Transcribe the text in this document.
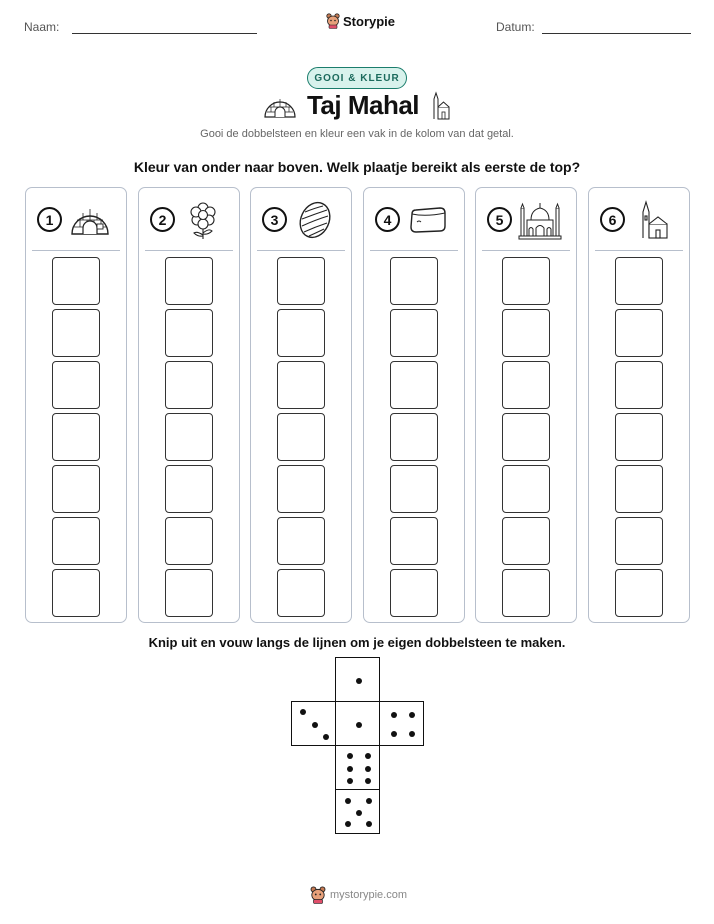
Naam:	Storypie	Datum:
GOOI & KLEUR
Taj Mahal
Gooi de dobbelsteen en kleur een vak in de kolom van dat getal.
Kleur van onder naar boven. Welk plaatje bereikt als eerste de top?
1	2	3	4	5	6
Knip uit en vouw langs de lijnen om je eigen dobbelsteen te maken.
mystorypie.com
